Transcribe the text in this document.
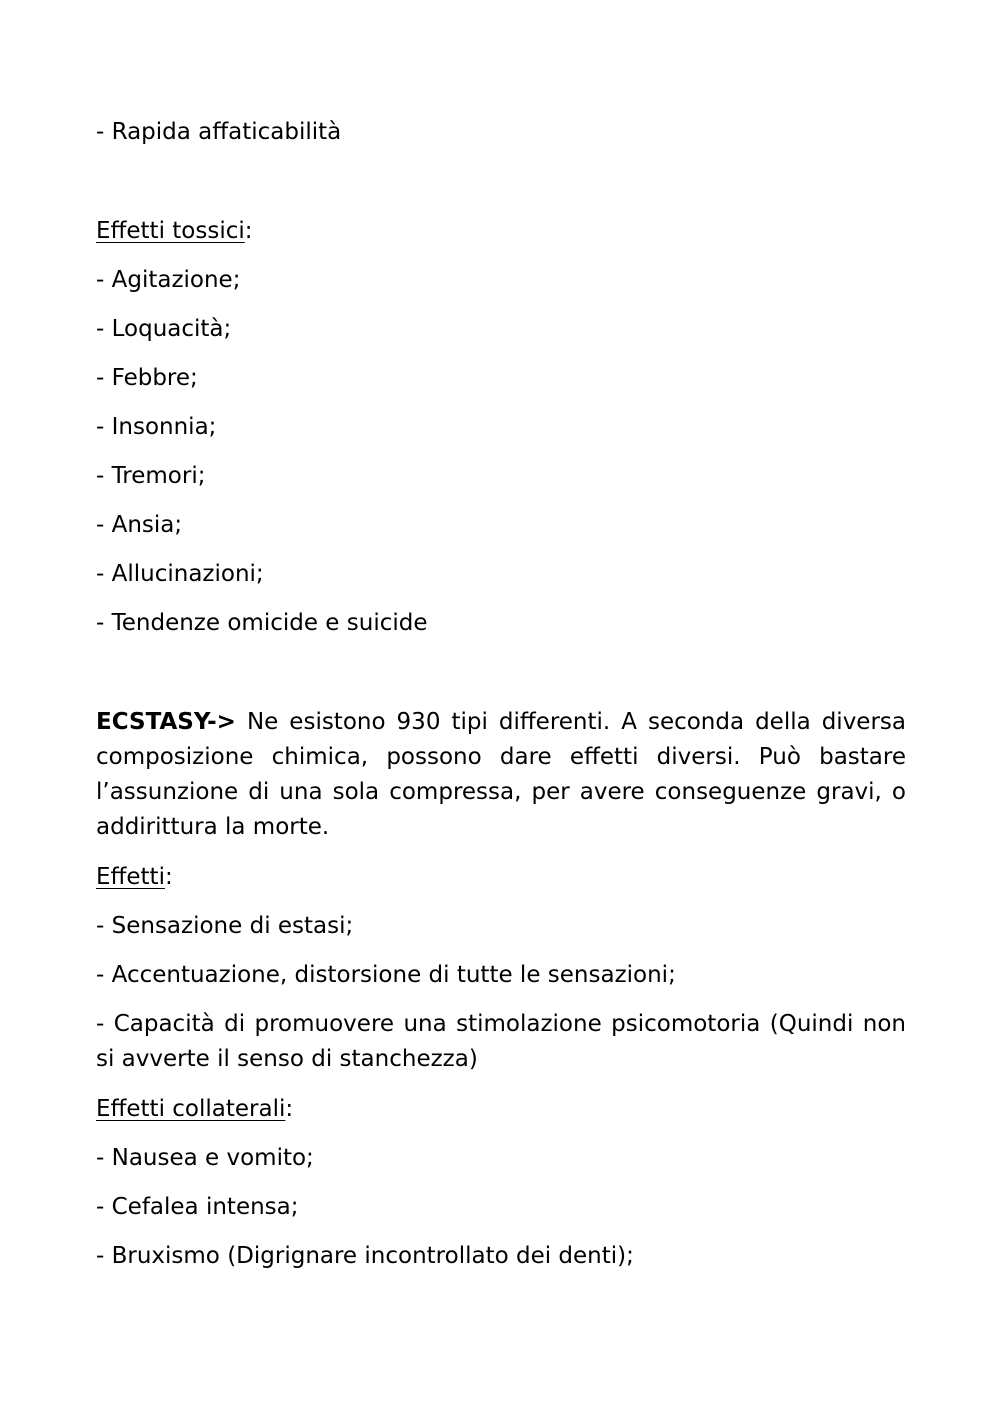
- Rapida affaticabilità
Effetti tossici:
- Agitazione;
- Loquacità;
- Febbre;
- Insonnia;
- Tremori;
- Ansia;
- Allucinazioni;
- Tendenze omicide e suicide
ECSTASY-> Ne esistono 930 tipi differenti. A seconda della diversa composizione chimica, possono dare effetti diversi. Può bastare l’assunzione di una sola compressa, per avere conseguenze gravi, o addirittura la morte.
Effetti:
- Sensazione di estasi;
- Accentuazione, distorsione di tutte le sensazioni;
- Capacità di promuovere una stimolazione psicomotoria (Quindi non si avverte il senso di stanchezza)
Effetti collaterali:
- Nausea e vomito;
- Cefalea intensa;
- Bruxismo (Digrignare incontrollato dei denti);
